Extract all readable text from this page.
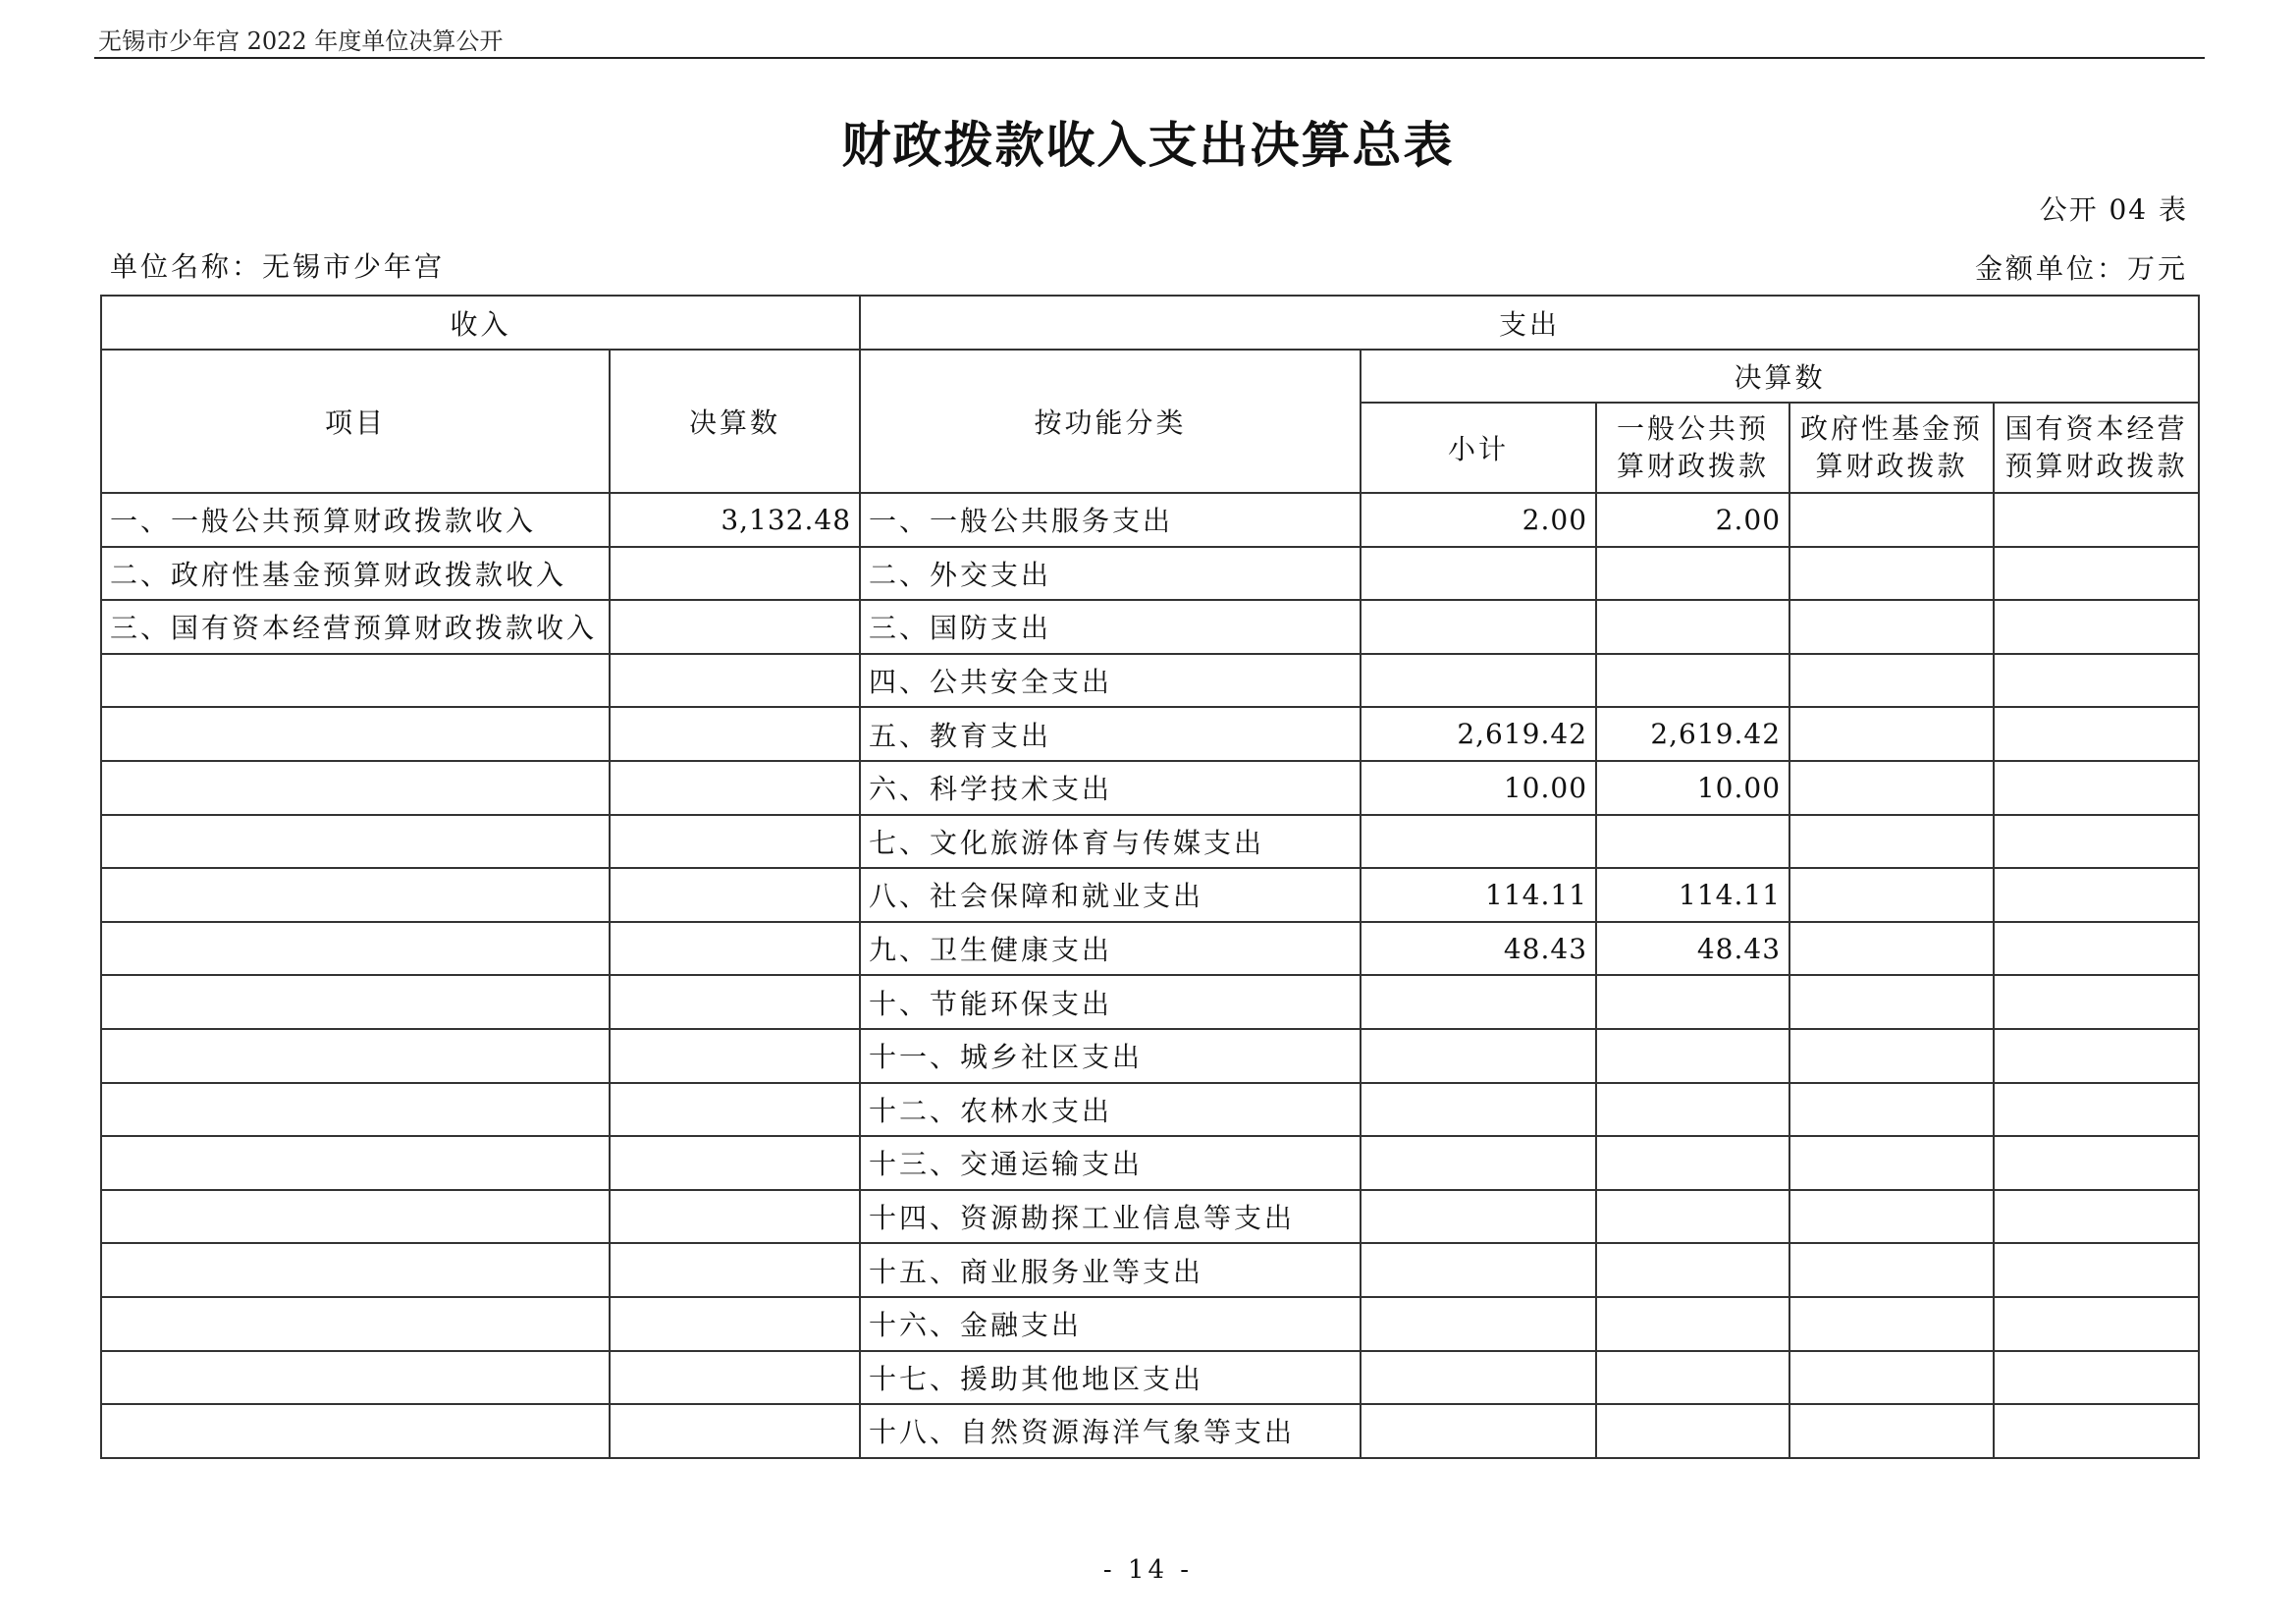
无锡市少年宫 2022 年度单位决算公开
财政拨款收入支出决算总表
公开 04 表
单位名称：无锡市少年宫	金额单位：万元
收入		支出				
项目	决算数	按功能分类	决算数			
			小计	一般公共预算财政拨款	政府性基金预算财政拨款	国有资本经营预算财政拨款
一、一般公共预算财政拨款收入	3,132.48	一、一般公共服务支出	2.00	2.00		
二、政府性基金预算财政拨款收入		二、外交支出				
三、国有资本经营预算财政拨款收入		三、国防支出				
		四、公共安全支出				
		五、教育支出	2,619.42	2,619.42		
		六、科学技术支出	10.00	10.00		
		七、文化旅游体育与传媒支出				
		八、社会保障和就业支出	114.11	114.11		
		九、卫生健康支出	48.43	48.43		
		十、节能环保支出				
		十一、城乡社区支出				
		十二、农林水支出				
		十三、交通运输支出				
		十四、资源勘探工业信息等支出				
		十五、商业服务业等支出				
		十六、金融支出				
		十七、援助其他地区支出				
		十八、自然资源海洋气象等支出				
- 14 -
